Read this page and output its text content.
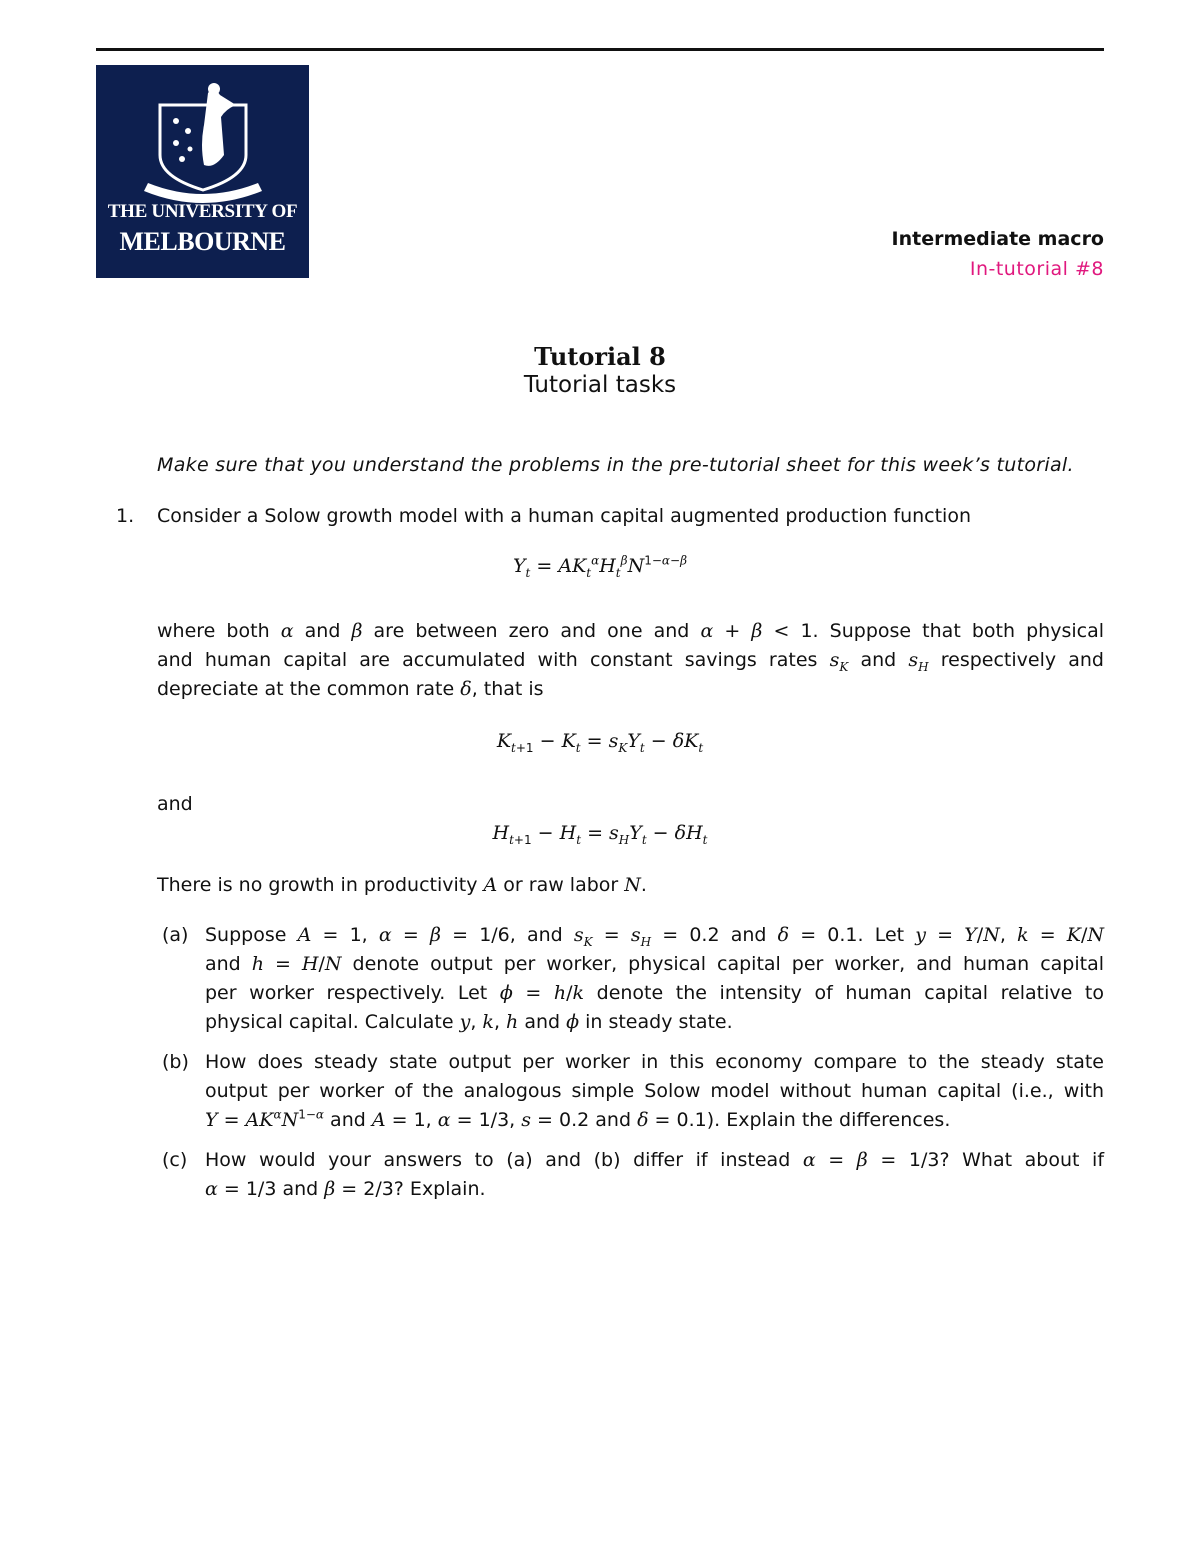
THE UNIVERSITY OF
MELBOURNE	Intermediate macro
In-tutorial #8
Tutorial 8
Tutorial tasks
Make sure that you understand the problems in the pre-tutorial sheet for this week’s tutorial.
1. Consider a Solow growth model with a human capital augmented production function
$Y_t = AK_t^\alpha H_t^\beta N^{1-\alpha-\beta}$
where both α and β are between zero and one and α + β < 1. Suppose that both physical
and human capital are accumulated with constant savings rates $s_K$ and $s_H$ respectively and
depreciate at the common rate δ, that is
$K_{t+1} - K_t = s_KY_t - \delta K_t$
and
$H_{t+1} - H_t = s_HY_t - \delta H_t$
There is no growth in productivity A or raw labor N.
(a) Suppose A = 1, α = β = 1/6, and $s_K = s_H = 0.2$ and δ = 0.1. Let y = Y/N, k = K/N
and h = H/N denote output per worker, physical capital per worker, and human capital
per worker respectively. Let ϕ = h/k denote the intensity of human capital relative to
physical capital. Calculate y, k, h and ϕ in steady state.
(b) How does steady state output per worker in this economy compare to the steady state
output per worker of the analogous simple Solow model without human capital (i.e., with
$Y = AK^\alpha N^{1-\alpha}$ and A = 1, α = 1/3, s = 0.2 and δ = 0.1). Explain the differences.
(c) How would your answers to (a) and (b) differ if instead α = β = 1/3? What about if
α = 1/3 and β = 2/3? Explain.
